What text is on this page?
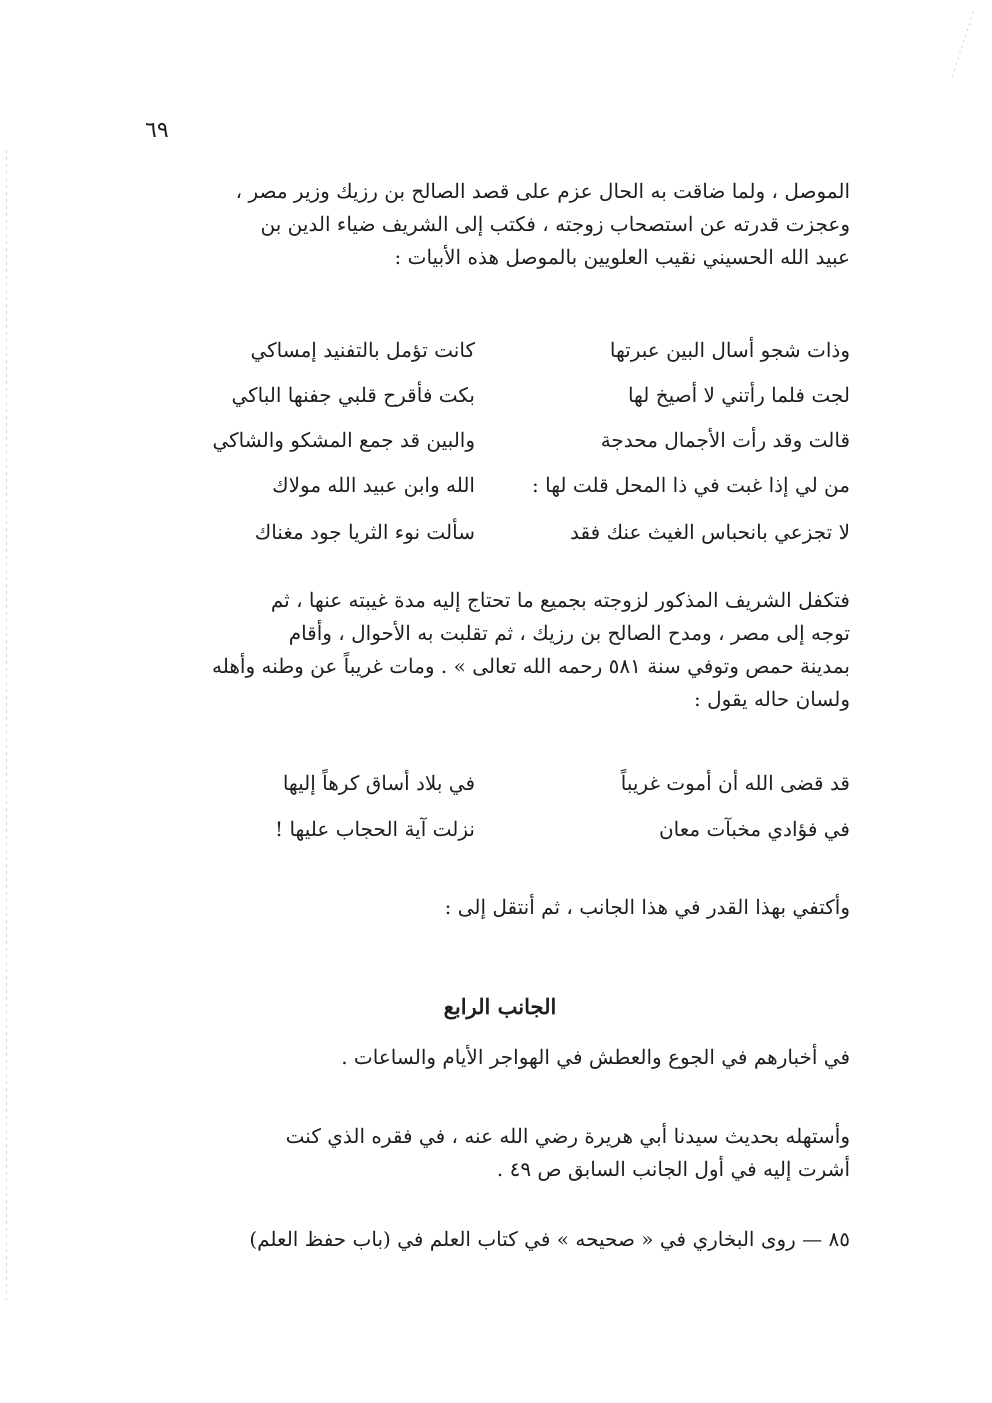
٦٩

الموصل ، ولما ضاقت به الحال عزم على قصد الصالح بن رزيك وزير مصر ،

وعجزت قدرته عن استصحاب زوجته ، فكتب إلى الشريف ضياء الدين بن

عبيد الله الحسيني نقيب العلويين بالموصل هذه الأبيات :

وذات شجو أسال البين عبرتها
كانت تؤمل بالتفنيد إمساكي
لجت فلما رأتني لا أصيخ لها
بكت فأقرح قلبي جفنها الباكي
قالت وقد رأت الأجمال محدجة
والبين قد جمع المشكو والشاكي
من لي إذا غبت في ذا المحل قلت لها :
الله وابن عبيد الله مولاك
لا تجزعي بانحباس الغيث عنك فقد
سألت نوء الثريا جود مغناك

فتكفل الشريف المذكور لزوجته بجميع ما تحتاج إليه مدة غيبته عنها ، ثم

توجه إلى مصر ، ومدح الصالح بن رزيك ، ثم تقلبت به الأحوال ، وأقام

بمدينة حمص وتوفي سنة ٥٨١ رحمه الله تعالى » . ومات غريباً عن وطنه وأهله

ولسان حاله يقول :

قد قضى الله أن أموت غريباً
في بلاد أساق كرهاً إليها
في فؤادي مخبآت معان
نزلت آية الحجاب عليها !
وأكتفي بهذا القدر في هذا الجانب ، ثم أنتقل إلى :
الجانب الرابع
في أخبارهم في الجوع والعطش في الهواجر الأيام والساعات .

وأستهله بحديث سيدنا أبي هريرة رضي الله عنه ، في فقره الذي كنت

أشرت إليه في أول الجانب السابق ص ٤٩ .

٨٥ — روى البخاري في « صحيحه » في كتاب العلم في (باب حفظ العلم)
